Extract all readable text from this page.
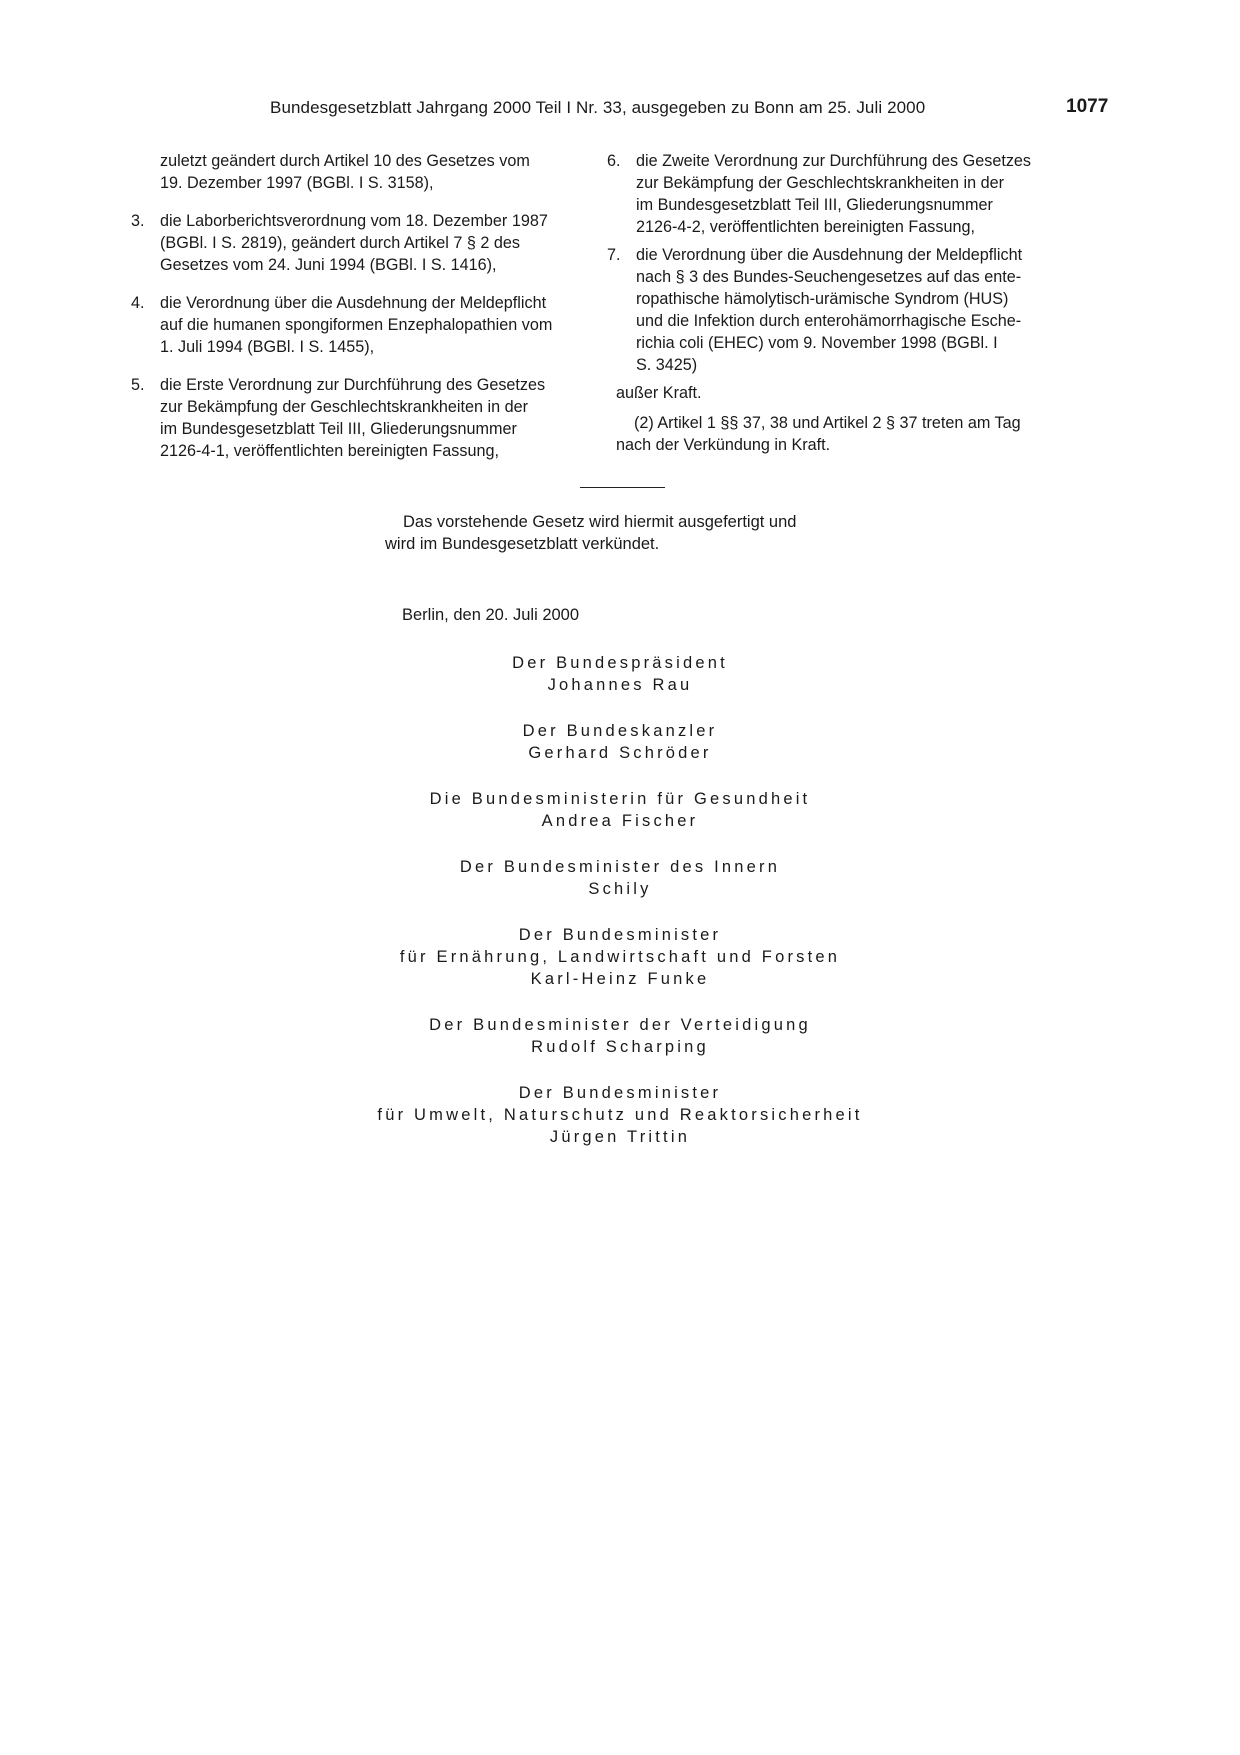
Bundesgesetzblatt Jahrgang 2000 Teil I Nr. 33, ausgegeben zu Bonn am 25. Juli 2000	1077
zuletzt geändert durch Artikel 10 des Gesetzes vom
19. Dezember 1997 (BGBl. I S. 3158),
3. die Laborberichtsverordnung vom 18. Dezember 1987
(BGBl. I S. 2819), geändert durch Artikel 7 § 2 des
Gesetzes vom 24. Juni 1994 (BGBl. I S. 1416),
4. die Verordnung über die Ausdehnung der Meldepflicht
auf die humanen spongiformen Enzephalopathien vom
1. Juli 1994 (BGBl. I S. 1455),
5. die Erste Verordnung zur Durchführung des Gesetzes
zur Bekämpfung der Geschlechtskrankheiten in der
im Bundesgesetzblatt Teil III, Gliederungsnummer
2126-4-1, veröffentlichten bereinigten Fassung,
6. die Zweite Verordnung zur Durchführung des Gesetzes
zur Bekämpfung der Geschlechtskrankheiten in der
im Bundesgesetzblatt Teil III, Gliederungsnummer
2126-4-2, veröffentlichten bereinigten Fassung,
7. die Verordnung über die Ausdehnung der Meldepflicht
nach § 3 des Bundes-Seuchengesetzes auf das ente-
ropathische hämolytisch-urämische Syndrom (HUS)
und die Infektion durch enterohämorrhagische Esche-
richia coli (EHEC) vom 9. November 1998 (BGBl. I
S. 3425)
außer Kraft.
(2) Artikel 1 §§ 37, 38 und Artikel 2 § 37 treten am Tag
nach der Verkündung in Kraft.
Das vorstehende Gesetz wird hiermit ausgefertigt und
wird im Bundesgesetzblatt verkündet.
Berlin, den 20. Juli 2000
Der Bundespräsident
Johannes Rau
Der Bundeskanzler
Gerhard Schröder
Die Bundesministerin für Gesundheit
Andrea Fischer
Der Bundesminister des Innern
Schily
Der Bundesminister
für Ernährung, Landwirtschaft und Forsten
Karl-Heinz Funke
Der Bundesminister der Verteidigung
Rudolf Scharping
Der Bundesminister
für Umwelt, Naturschutz und Reaktorsicherheit
Jürgen Trittin
